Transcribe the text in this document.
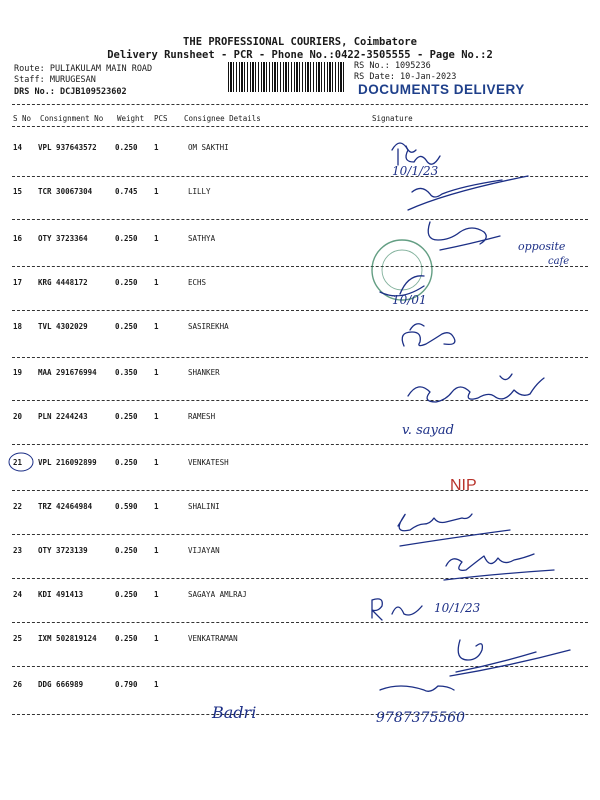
THE PROFESSIONAL COURIERS, Coimbatore
Delivery Runsheet - PCR - Phone No.:0422-3505555 - Page No.:2
Route: PULIAKULAM MAIN ROAD
Staff: MURUGESAN
DRS No.: DCJB109523602
RS No.: 1095236
RS Date: 10-Jan-2023
DOCUMENTS DELIVERY
S No Consignment No Weight PCS Consignee Details	Signature
14 VPL 937643572 0.250 1	OM SAKTHI
15 TCR 30067304	0.745 1	LILLY
16 OTY 3723364	0.250 1	SATHYA
17 KRG 4448172	0.250 1	ECHS
18 TVL 4302029	0.250 1	SASIREKHA
19 MAA 291676994 0.350 1	SHANKER
20 PLN 2244243	0.250 1	RAMESH
21 VPL 216092899 0.250 1	VENKATESH
22 TRZ 42464984	0.590 1	SHALINI
23 OTY 3723139	0.250 1	VIJAYAN
24 KDI 491413	0.250 1	SAGAYA AMLRAJ
25 IXM 502819124 0.250 1	VENKATRAMAN
26 DDG 666989	0.790 1
10/1/23
opposite
cafe
10/01
v. sayad
NIP
10/1/23
9787375560
Badri
